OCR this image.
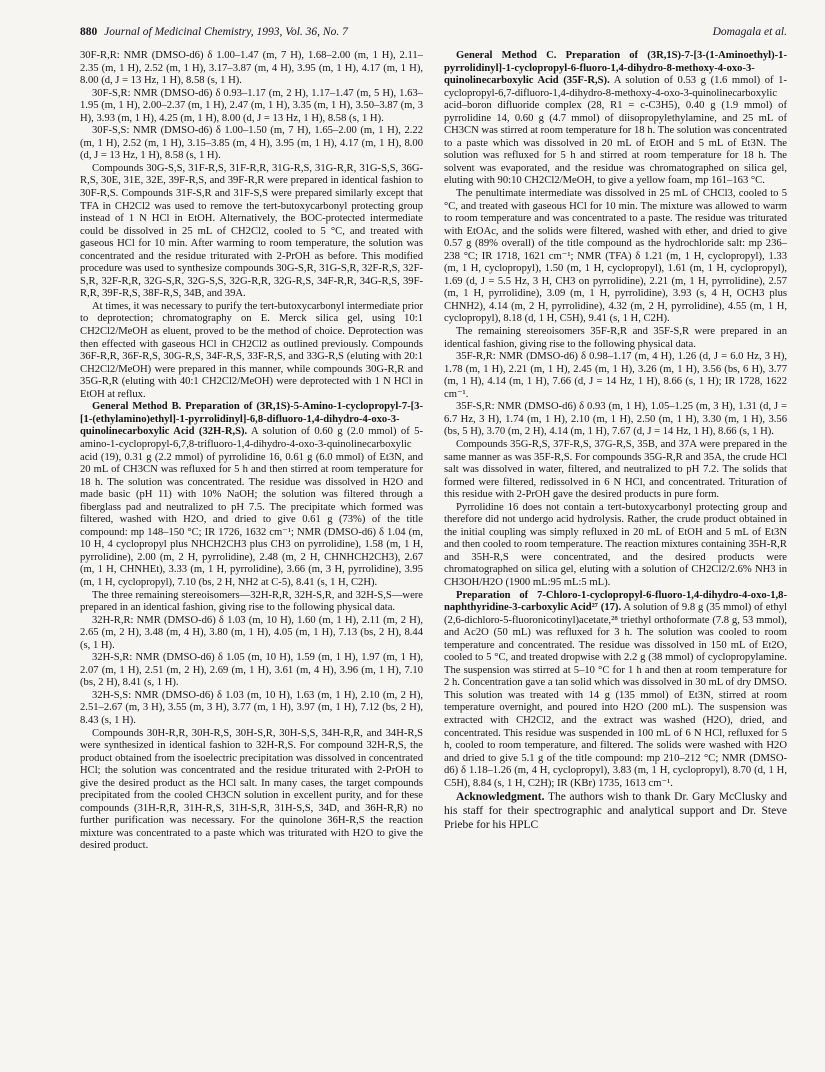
880 Journal of Medicinal Chemistry, 1993, Vol. 36, No. 7	Domagala et al.

30F-R,R: NMR (DMSO-d6) δ 1.00–1.47 (m, 7 H), 1.68–2.00 (m, 1 H), 2.11–2.35 (m, 1 H), 2.52 (m, 1 H), 3.17–3.87 (m, 4 H), 3.95 (m, 1 H), 4.17 (m, 1 H), 8.00 (d, J = 13 Hz, 1 H), 8.58 (s, 1 H).

30F-S,R: NMR (DMSO-d6) δ 0.93–1.17 (m, 2 H), 1.17–1.47 (m, 5 H), 1.63–1.95 (m, 1 H), 2.00–2.37 (m, 1 H), 2.47 (m, 1 H), 3.35 (m, 1 H), 3.50–3.87 (m, 3 H), 3.93 (m, 1 H), 4.25 (m, 1 H), 8.00 (d, J = 13 Hz, 1 H), 8.58 (s, 1 H).

30F-S,S: NMR (DMSO-d6) δ 1.00–1.50 (m, 7 H), 1.65–2.00 (m, 1 H), 2.22 (m, 1 H), 2.52 (m, 1 H), 3.15–3.85 (m, 4 H), 3.95 (m, 1 H), 4.17 (m, 1 H), 8.00 (d, J = 13 Hz, 1 H), 8.58 (s, 1 H).

Compounds 30G-S,S, 31F-R,S, 31F-R,R, 31G-R,S, 31G-R,R, 31G-S,S, 36G-R,S, 30E, 31E, 32E, 39F-R,S, and 39F-R,R were prepared in identical fashion to 30F-R,S. Compounds 31F-S,R and 31F-S,S were prepared similarly except that TFA in CH2Cl2 was used to remove the tert-butoxycarbonyl protecting group instead of 1 N HCl in EtOH. Alternatively, the BOC-protected intermediate could be dissolved in 25 mL of CH2Cl2, cooled to 5 °C, and treated with gaseous HCl for 10 min. After warming to room temperature, the solution was concentrated and the residue triturated with 2-PrOH as before. This modified procedure was used to synthesize compounds 30G-S,R, 31G-S,R, 32F-R,S, 32F-S,R, 32F-R,R, 32G-S,R, 32G-S,S, 32G-R,R, 32G-R,S, 34F-R,R, 34G-R,S, 39F-R,R, 39F-R,S, 38F-R,S, 34B, and 39A.

At times, it was necessary to purify the tert-butoxycarbonyl intermediate prior to deprotection; chromatography on E. Merck silica gel, using 10:1 CH2Cl2/MeOH as eluent, proved to be the method of choice. Deprotection was then effected with gaseous HCl in CH2Cl2 as outlined previously. Compounds 36F-R,R, 36F-R,S, 30G-R,S, 34F-R,S, 33F-R,S, and 33G-R,S (eluting with 20:1 CH2Cl2/MeOH) were prepared in this manner, while compounds 30G-R,R and 35G-R,R (eluting with 40:1 CH2Cl2/MeOH) were deprotected with 1 N HCl in EtOH at reflux.

General Method B. Preparation of (3R,1S)-5-Amino-1-cyclopropyl-7-[3-[1-(ethylamino)ethyl]-1-pyrrolidinyl]-6,8-difluoro-1,4-dihydro-4-oxo-3-quinolinecarboxylic Acid (32H-R,S). A solution of 0.60 g (2.0 mmol) of 5-amino-1-cyclopropyl-6,7,8-trifluoro-1,4-dihydro-4-oxo-3-quinolinecarboxylic acid (19), 0.31 g (2.2 mmol) of pyrrolidine 16, 0.61 g (6.0 mmol) of Et3N, and 20 mL of CH3CN was refluxed for 5 h and then stirred at room temperature for 18 h. The solution was concentrated. The residue was dissolved in H2O and made basic (pH 11) with 10% NaOH; the solution was filtered through a fiberglass pad and neutralized to pH 7.5. The precipitate which formed was filtered, washed with H2O, and dried to give 0.61 g (73%) of the title compound: mp 148–150 °C; IR 1726, 1632 cm⁻¹; NMR (DMSO-d6) δ 1.04 (m, 10 H, 4 cyclopropyl plus NHCH2CH3 plus CH3 on pyrrolidine), 1.58 (m, 1 H, pyrrolidine), 2.00 (m, 2 H, pyrrolidine), 2.48 (m, 2 H, CHNHCH2CH3), 2.67 (m, 1 H, CHNHEt), 3.33 (m, 1 H, pyrrolidine), 3.66 (m, 3 H, pyrrolidine), 3.95 (m, 1 H, cyclopropyl), 7.10 (bs, 2 H, NH2 at C-5), 8.41 (s, 1 H, C2H).

The three remaining stereoisomers—32H-R,R, 32H-S,R, and 32H-S,S—were prepared in an identical fashion, giving rise to the following physical data.

32H-R,R: NMR (DMSO-d6) δ 1.03 (m, 10 H), 1.60 (m, 1 H), 2.11 (m, 2 H), 2.65 (m, 2 H), 3.48 (m, 4 H), 3.80 (m, 1 H), 4.05 (m, 1 H), 7.13 (bs, 2 H), 8.44 (s, 1 H).

32H-S,R: NMR (DMSO-d6) δ 1.05 (m, 10 H), 1.59 (m, 1 H), 1.97 (m, 1 H), 2.07 (m, 1 H), 2.51 (m, 2 H), 2.69 (m, 1 H), 3.61 (m, 4 H), 3.96 (m, 1 H), 7.10 (bs, 2 H), 8.41 (s, 1 H).

32H-S,S: NMR (DMSO-d6) δ 1.03 (m, 10 H), 1.63 (m, 1 H), 2.10 (m, 2 H), 2.51–2.67 (m, 3 H), 3.55 (m, 3 H), 3.77 (m, 1 H), 3.97 (m, 1 H), 7.12 (bs, 2 H), 8.43 (s, 1 H).

Compounds 30H-R,R, 30H-R,S, 30H-S,R, 30H-S,S, 34H-R,R, and 34H-R,S were synthesized in identical fashion to 32H-R,S. For compound 32H-R,S, the product obtained from the isoelectric precipitation was dissolved in concentrated HCl; the solution was concentrated and the residue triturated with 2-PrOH to give the desired product as the HCl salt. In many cases, the target compounds precipitated from the cooled CH3CN solution in excellent purity, and for these compounds (31H-R,R, 31H-R,S, 31H-S,R, 31H-S,S, 34D, and 36H-R,R) no further purification was necessary. For the quinolone 36H-R,S the reaction mixture was concentrated to a paste which was triturated with H2O to give the desired product.

General Method C. Preparation of (3R,1S)-7-[3-(1-Aminoethyl)-1-pyrrolidinyl]-1-cyclopropyl-6-fluoro-1,4-dihydro-8-methoxy-4-oxo-3-quinolinecarboxylic Acid (35F-R,S). A solution of 0.53 g (1.6 mmol) of 1-cyclopropyl-6,7-difluoro-1,4-dihydro-8-methoxy-4-oxo-3-quinolinecarboxylic acid–boron difluoride complex (28, R1 = c-C3H5), 0.40 g (1.9 mmol) of pyrrolidine 14, 0.60 g (4.7 mmol) of diisopropylethylamine, and 25 mL of CH3CN was stirred at room temperature for 18 h. The solution was concentrated to a paste which was dissolved in 20 mL of EtOH and 5 mL of Et3N. The solution was refluxed for 5 h and stirred at room temperature for 18 h. The solvent was evaporated, and the residue was chromatographed on silica gel, eluting with 90:10 CH2Cl2/MeOH, to give a yellow foam, mp 161–163 °C.

The penultimate intermediate was dissolved in 25 mL of CHCl3, cooled to 5 °C, and treated with gaseous HCl for 10 min. The mixture was allowed to warm to room temperature and was concentrated to a paste. The residue was triturated with EtOAc, and the solids were filtered, washed with ether, and dried to give 0.57 g (89% overall) of the title compound as the hydrochloride salt: mp 236–238 °C; IR 1718, 1621 cm⁻¹; NMR (TFA) δ 1.21 (m, 1 H, cyclopropyl), 1.33 (m, 1 H, cyclopropyl), 1.50 (m, 1 H, cyclopropyl), 1.61 (m, 1 H, cyclopropyl), 1.69 (d, J = 5.5 Hz, 3 H, CH3 on pyrrolidine), 2.21 (m, 1 H, pyrrolidine), 2.57 (m, 1 H, pyrrolidine), 3.09 (m, 1 H, pyrrolidine), 3.93 (s, 4 H, OCH3 plus CHNH2), 4.14 (m, 2 H, pyrrolidine), 4.32 (m, 2 H, pyrrolidine), 4.55 (m, 1 H, cyclopropyl), 8.18 (d, 1 H, C5H), 9.41 (s, 1 H, C2H).

The remaining stereoisomers 35F-R,R and 35F-S,R were prepared in an identical fashion, giving rise to the following physical data.

35F-R,R: NMR (DMSO-d6) δ 0.98–1.17 (m, 4 H), 1.26 (d, J = 6.0 Hz, 3 H), 1.78 (m, 1 H), 2.21 (m, 1 H), 2.45 (m, 1 H), 3.26 (m, 1 H), 3.56 (bs, 6 H), 3.77 (m, 1 H), 4.14 (m, 1 H), 7.66 (d, J = 14 Hz, 1 H), 8.66 (s, 1 H); IR 1728, 1622 cm⁻¹.

35F-S,R: NMR (DMSO-d6) δ 0.93 (m, 1 H), 1.05–1.25 (m, 3 H), 1.31 (d, J = 6.7 Hz, 3 H), 1.74 (m, 1 H), 2.10 (m, 1 H), 2.50 (m, 1 H), 3.30 (m, 1 H), 3.56 (bs, 5 H), 3.70 (m, 2 H), 4.14 (m, 1 H), 7.67 (d, J = 14 Hz, 1 H), 8.66 (s, 1 H).

Compounds 35G-R,S, 37F-R,S, 37G-R,S, 35B, and 37A were prepared in the same manner as was 35F-R,S. For compounds 35G-R,R and 35A, the crude HCl salt was dissolved in water, filtered, and neutralized to pH 7.2. The solids that formed were filtered, redissolved in 6 N HCl, and concentrated. Trituration of this residue with 2-PrOH gave the desired products in pure form.

Pyrrolidine 16 does not contain a tert-butoxycarbonyl protecting group and therefore did not undergo acid hydrolysis. Rather, the crude product obtained in the initial coupling was simply refluxed in 20 mL of EtOH and 5 mL of Et3N and then cooled to room temperature. The reaction mixtures containing 35H-R,R and 35H-R,S were concentrated, and the desired products were chromatographed on silica gel, eluting with a solution of CH2Cl2/2.6% NH3 in CH3OH/H2O (1900 mL:95 mL:5 mL).

Preparation of 7-Chloro-1-cyclopropyl-6-fluoro-1,4-dihydro-4-oxo-1,8-naphthyridine-3-carboxylic Acid²⁷ (17). A solution of 9.8 g (35 mmol) of ethyl (2,6-dichloro-5-fluoronicotinyl)acetate,²⁸ triethyl orthoformate (7.8 g, 53 mmol), and Ac2O (50 mL) was refluxed for 3 h. The solution was cooled to room temperature and concentrated. The residue was dissolved in 150 mL of Et2O, cooled to 5 °C, and treated dropwise with 2.2 g (38 mmol) of cyclopropylamine. The suspension was stirred at 5–10 °C for 1 h and then at room temperature for 2 h. Concentration gave a tan solid which was dissolved in 30 mL of dry DMSO. This solution was treated with 14 g (135 mmol) of Et3N, stirred at room temperature overnight, and poured into H2O (200 mL). The suspension was extracted with CH2Cl2, and the extract was washed (H2O), dried, and concentrated. This residue was suspended in 100 mL of 6 N HCl, refluxed for 5 h, cooled to room temperature, and filtered. The solids were washed with H2O and dried to give 5.1 g of the title compound: mp 210–212 °C; NMR (DMSO-d6) δ 1.18–1.26 (m, 4 H, cyclopropyl), 3.83 (m, 1 H, cyclopropyl), 8.70 (d, 1 H, C5H), 8.84 (s, 1 H, C2H); IR (KBr) 1735, 1613 cm⁻¹.

Acknowledgment. The authors wish to thank Dr. Gary McClusky and his staff for their spectrographic and analytical support and Dr. Steve Priebe for his HPLC
